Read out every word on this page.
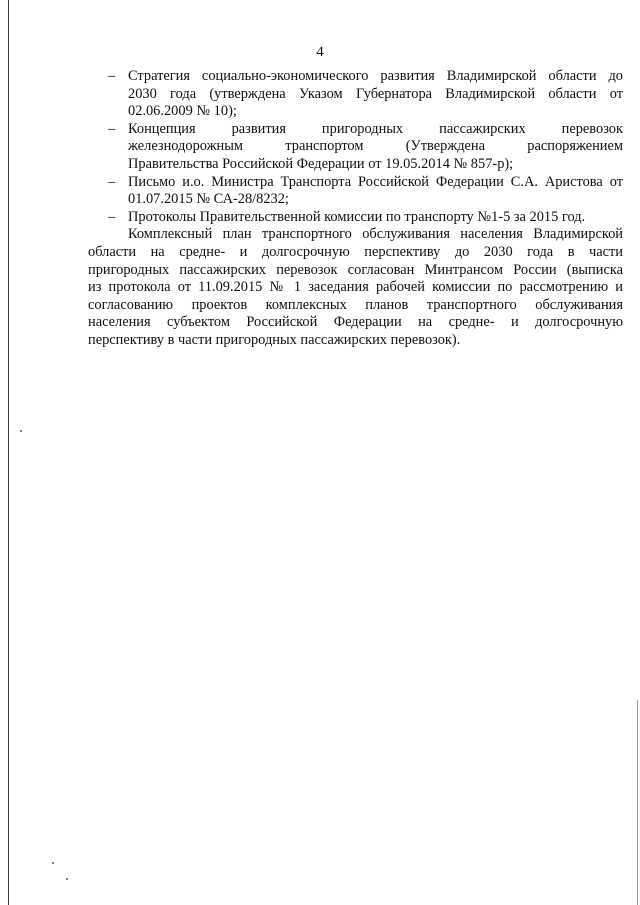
4
– Стратегия социально-экономического развития Владимирской области до
2030 года (утверждена Указом Губернатора Владимирской области от
02.06.2009 № 10);
– Концепция развития пригородных пассажирских перевозок
железнодорожным транспортом (Утверждена распоряжением
Правительства Российской Федерации от 19.05.2014 № 857-р);
– Письмо и.о. Министра Транспорта Российской Федерации С.А. Аристова от
01.07.2015 № СА-28/8232;
– Протоколы Правительственной комиссии по транспорту №1-5 за 2015 год.
Комплексный план транспортного обслуживания населения Владимирской
области на средне- и долгосрочную перспективу до 2030 года в части
пригородных пассажирских перевозок согласован Минтрансом России (выписка
из протокола от 11.09.2015 № 1 заседания рабочей комиссии по рассмотрению и
согласованию проектов комплексных планов транспортного обслуживания
населения субъектом Российской Федерации на средне- и долгосрочную
перспективу в части пригородных пассажирских перевозок).
